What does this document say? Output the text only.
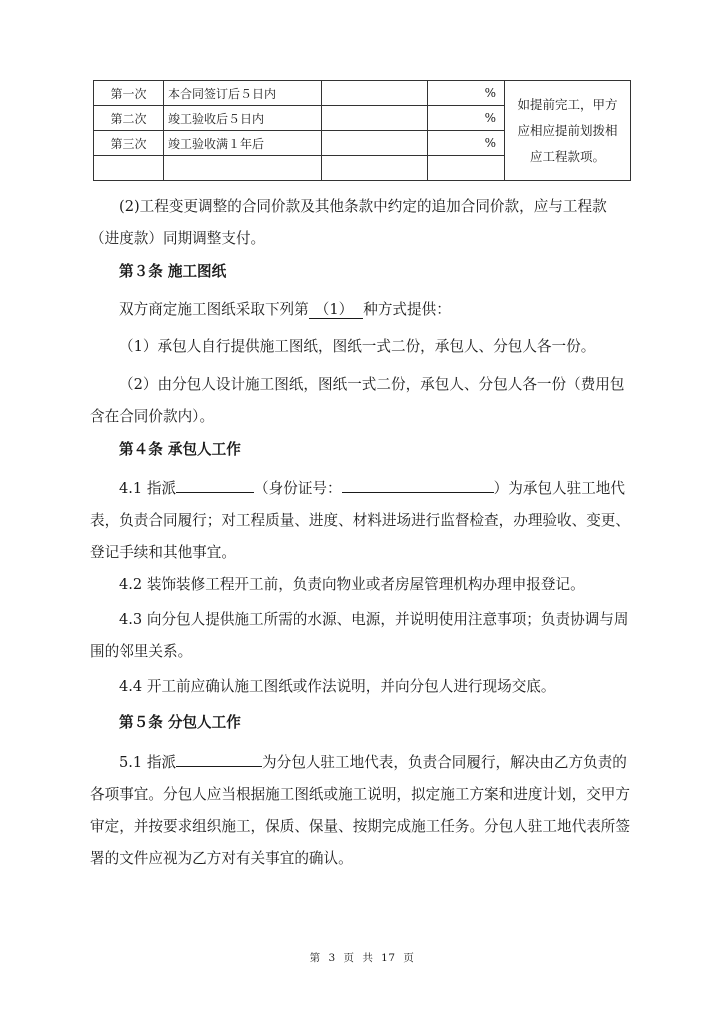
第一次	本合同签订后５日内		%	如提前完工，甲方应相应提前划拨相应工程款项。
第二次	竣工验收后５日内		%	
第三次	竣工验收满１年后		%	

(2)工程变更调整的合同价款及其他条款中约定的追加合同价款，应与工程款（进度款）同期调整支付。

第３条 施工图纸

双方商定施工图纸采取下列第 （1） 种方式提供：

（1）承包人自行提供施工图纸，图纸一式二份，承包人、分包人各一份。

（2）由分包人设计施工图纸，图纸一式二份，承包人、分包人各一份（费用包含在合同价款内）。

第４条 承包人工作

4.1 指派	（身份证号：	）为承包人驻工地代表，负责合同履行；对工程质量、进度、材料进场进行监督检查，办理验收、变更、登记手续和其他事宜。

4.2 装饰装修工程开工前，负责向物业或者房屋管理机构办理申报登记。

4.3 向分包人提供施工所需的水源、电源，并说明使用注意事项；负责协调与周围的邻里关系。

4.4 开工前应确认施工图纸或作法说明，并向分包人进行现场交底。

第５条 分包人工作

5.1 指派	为分包人驻工地代表，负责合同履行，解决由乙方负责的各项事宜。分包人应当根据施工图纸或施工说明，拟定施工方案和进度计划，交甲方审定，并按要求组织施工，保质、保量、按期完成施工任务。分包人驻工地代表所签署的文件应视为乙方对有关事宜的确认。

第 3 页 共 17 页
